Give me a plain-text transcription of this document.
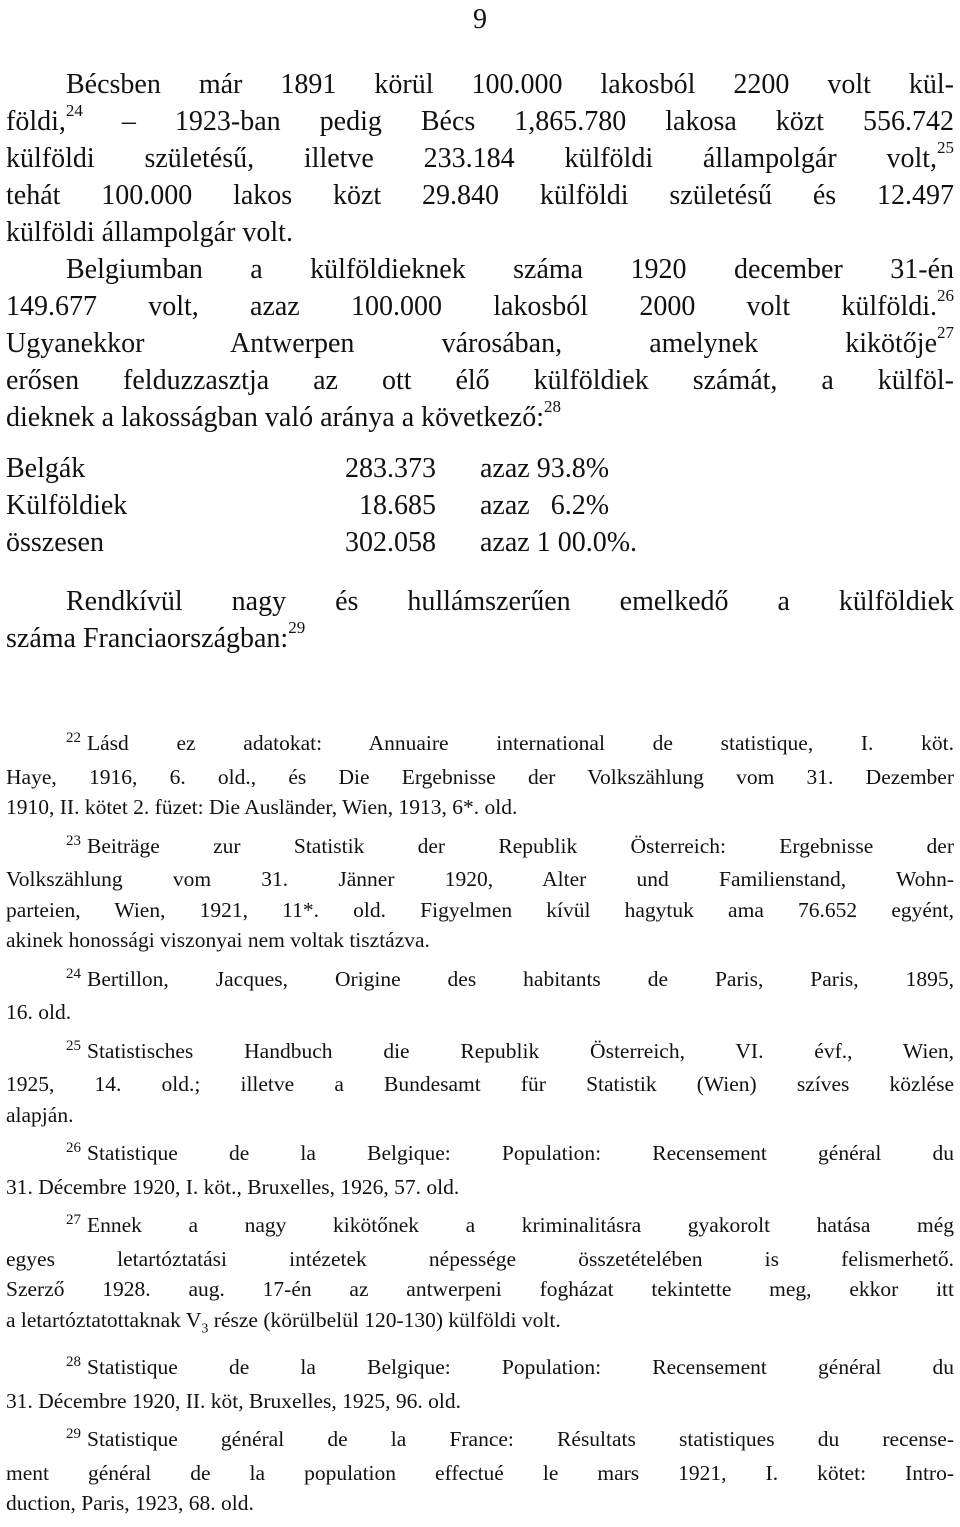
9

Bécsben már 1891 körül 100.000 lakosból 2200 volt kül-

földi,$^{24}$ – 1923-ban pedig Bécs 1,865.780 lakosa közt 556.742

külföldi születésű, illetve 233.184 külföldi állampolgár volt,$^{25}$

tehát 100.000 lakos közt 29.840 külföldi születésű és 12.497

külföldi állampolgár volt.

Belgiumban a külföldieknek száma 1920 december 31-én

149.677 volt, azaz 100.000 lakosból 2000 volt külföldi.$^{26}$

Ugyanekkor Antwerpen városában, amelynek kikötője$^{27}$

erősen felduzzasztja az ott élő külföldiek számát, a külföl-

dieknek a lakosságban való aránya a következő:$^{28}$

Belgák	283.373 azaz 93.8%
Külföldiek	18.685 azaz   6.2%
összesen	302.058 azaz 1 00.0%.

Rendkívül nagy és hullámszerűen emelkedő a külföldiek

száma Franciaországban:$^{29}$

$^{22}$ Lásd ez adatokat: Annuaire international de statistique, I. köt.

Haye, 1916, 6. old., és Die Ergebnisse der Volkszählung vom 31. Dezember

1910, II. kötet 2. füzet: Die Ausländer, Wien, 1913, 6*. old.

$^{23}$ Beiträge zur Statistik der Republik Österreich: Ergebnisse der

Volkszählung vom 31. Jänner 1920, Alter und Familienstand, Wohn-

parteien, Wien, 1921, 11*. old. Figyelmen kívül hagytuk ama 76.652 egyént,

akinek honossági viszonyai nem voltak tisztázva.

$^{24}$ Bertillon, Jacques, Origine des habitants de Paris, Paris, 1895,

16. old.

$^{25}$ Statistisches Handbuch die Republik Österreich, VI. évf., Wien,

1925, 14. old.; illetve a Bundesamt für Statistik (Wien) szíves közlése

alapján.

$^{26}$ Statistique de la Belgique: Population: Recensement général du

31. Décembre 1920, I. köt., Bruxelles, 1926, 57. old.

$^{27}$ Ennek a nagy kikötőnek a kriminalitásra gyakorolt hatása még

egyes letartóztatási intézetek népessége összetételében is felismerhető.

Szerző 1928. aug. 17-én az antwerpeni fogházat tekintette meg, ekkor itt

a letartóztatottaknak $V_3$ része (körülbelül 120-130) külföldi volt.

$^{28}$ Statistique de la Belgique: Population: Recensement général du

31. Décembre 1920, II. köt, Bruxelles, 1925, 96. old.

$^{29}$ Statistique général de la France: Résultats statistiques du recense-

ment général de la population effectué le mars 1921, I. kötet: Intro-

duction, Paris, 1923, 68. old.
